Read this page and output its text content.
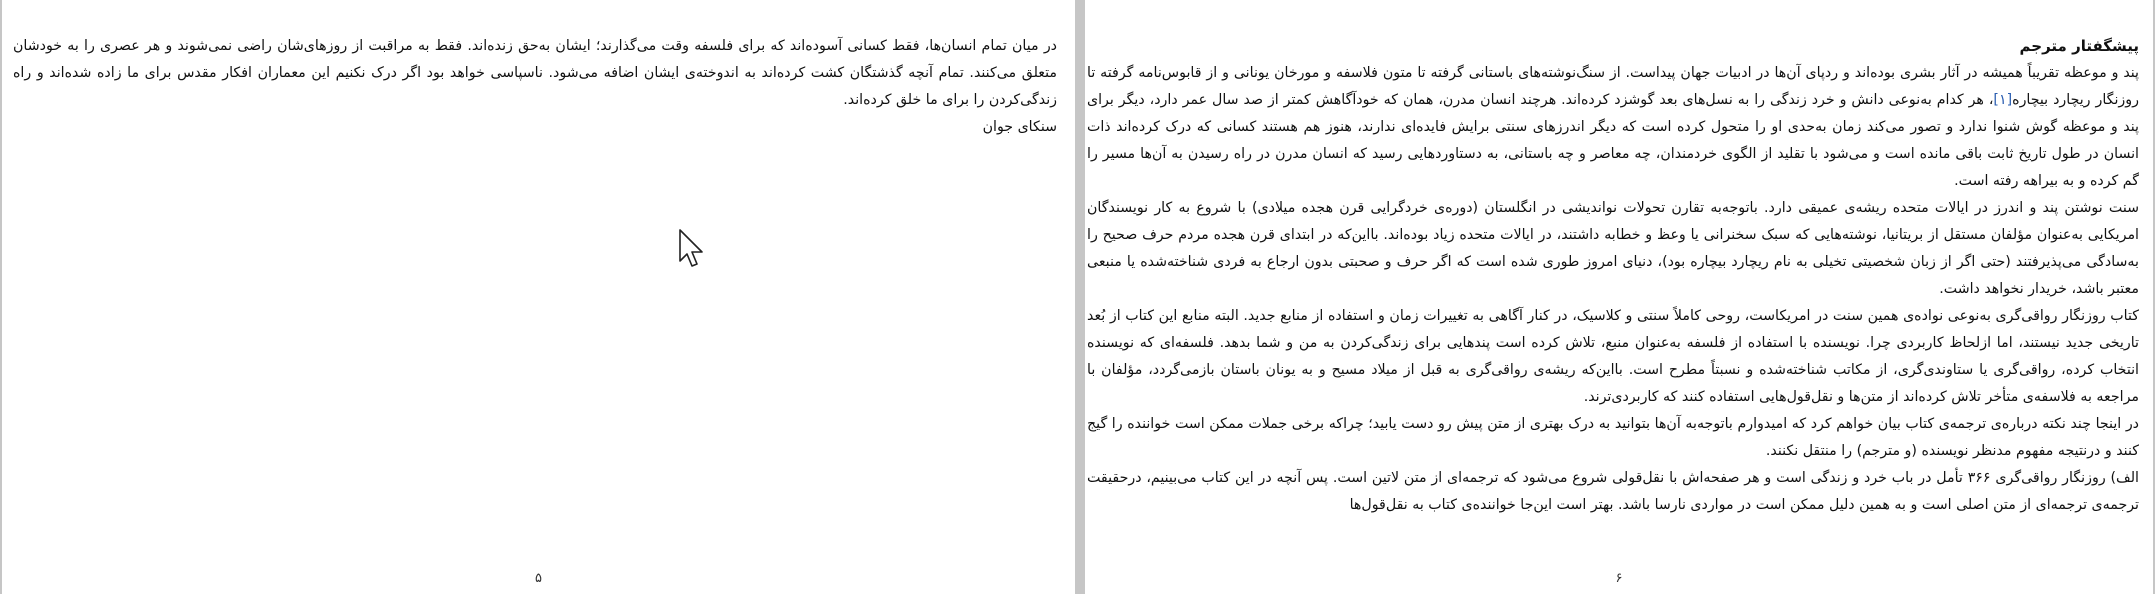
در میان تمام انسان‌ها، فقط کسانی آسوده‌اند که برای فلسفه وقت می‌گذارند؛ ایشان به‌حق زنده‌اند. فقط به مراقبت از روزهای‌شان راضی نمی‌شوند و هر عصری را به خودشان متعلق می‌کنند. تمام آنچه گذشتگان کشت کرده‌اند به اندوخته‌ی ایشان اضافه می‌شود. ناسپاسی خواهد بود اگر درک نکنیم این معماران افکار مقدس برای ما زاده شده‌اند و راه زندگی‌کردن را برای ما خلق کرده‌اند.

سنکای جوان

۵

پیشگفتار مترجم

پند و موعظه تقریباً همیشه در آثار بشری بوده‌اند و ردپای آن‌ها در ادبیات جهان پیداست. از سنگ‌نوشته‌های باستانی گرفته تا متون فلاسفه و مورخان یونانی و از قابوس‌نامه گرفته تا روزنگار ریچارد بیچاره[۱]، هر کدام به‌نوعی دانش و خرد زندگی را به نسل‌های بعد گوشزد کرده‌اند. هرچند انسان مدرن، همان که خودآگاهش کمتر از صد سال عمر دارد، دیگر برای پند و موعظه گوش شنوا ندارد و تصور می‌کند زمان به‌حدی او را متحول کرده است که دیگر اندرزهای سنتی برایش فایده‌ای ندارند، هنوز هم هستند کسانی که درک کرده‌اند ذات انسان در طول تاریخ ثابت باقی مانده است و می‌شود با تقلید از الگوی خردمندان، چه معاصر و چه باستانی، به دستاوردهایی رسید که انسان مدرن در راه رسیدن به آن‌ها مسیر را گم کرده و به بیراهه رفته است.

سنت نوشتن پند و اندرز در ایالات متحده ریشه‌ی عمیقی دارد. باتوجه‌به تقارن تحولات نواندیشی در انگلستان (دوره‌ی خردگرایی قرن هجده میلادی) با شروع به کار نویسندگان امریکایی به‌عنوان مؤلفان مستقل از بریتانیا، نوشته‌هایی که سبک سخنرانی یا وعظ و خطابه داشتند، در ایالات متحده زیاد بوده‌اند. بااین‌که در ابتدای قرن هجده مردم حرف صحیح را به‌سادگی می‌پذیرفتند (حتی اگر از زبان شخصیتی تخیلی به نام ریچارد بیچاره بود)، دنیای امروز طوری شده است که اگر حرف و صحبتی بدون ارجاع به فردی شناخته‌شده یا منبعی معتبر باشد، خریدار نخواهد داشت.

کتاب روزنگار رواقی‌گری به‌نوعی نواده‌ی همین سنت در امریکاست، روحی کاملاً سنتی و کلاسیک، در کنار آگاهی به تغییرات زمان و استفاده از منابع جدید. البته منابع این کتاب از بُعد تاریخی جدید نیستند، اما ازلحاظ کاربردی چرا. نویسنده با استفاده از فلسفه به‌عنوان منبع، تلاش کرده است پندهایی برای زندگی‌کردن به من و شما بدهد. فلسفه‌ای که نویسنده انتخاب کرده، رواقی‌گری یا ستاوندی‌گری، از مکاتب شناخته‌شده و نسبتاً مطرح است. بااین‌که ریشه‌ی رواقی‌گری به قبل از میلاد مسیح و به یونان باستان بازمی‌گردد، مؤلفان با مراجعه به فلاسفه‌ی متأخر تلاش کرده‌اند از متن‌ها و نقل‌قول‌هایی استفاده کنند که کاربردی‌ترند.

در اینجا چند نکته درباره‌ی ترجمه‌ی کتاب بیان خواهم کرد که امیدوارم باتوجه‌به آن‌ها بتوانید به درک بهتری از متن پیش رو دست یابید؛ چراکه برخی جملات ممکن است خواننده را گیج کنند و درنتیجه مفهوم مدنظر نویسنده (و مترجم) را منتقل نکنند.

الف) روزنگار رواقی‌گری ۳۶۶ تأمل در باب خرد و زندگی است و هر صفحه‌اش با نقل‌قولی شروع می‌شود که ترجمه‌ای از متن لاتین است. پس آنچه در این کتاب می‌بینیم، درحقیقت ترجمه‌ی ترجمه‌ای از متن اصلی است و به همین دلیل ممکن است در مواردی نارسا باشد. بهتر است این‌جا خواننده‌ی کتاب به نقل‌قول‌ها

۶
